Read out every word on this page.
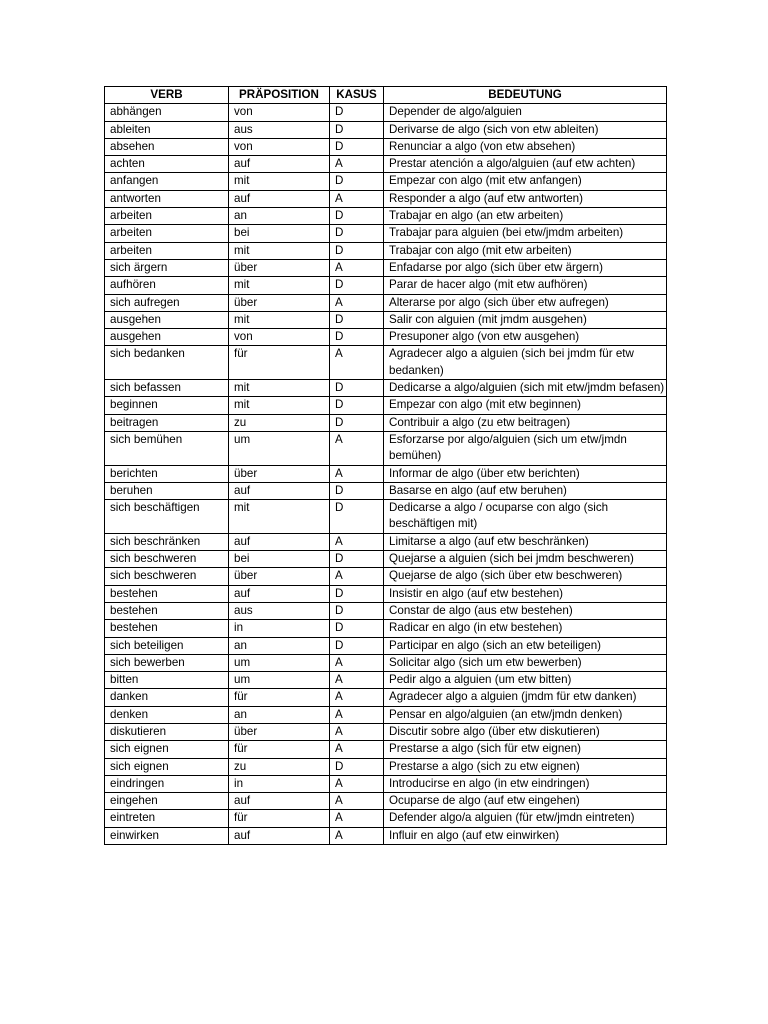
VERB	PRÄPOSITION	KASUS	BEDEUTUNG
abhängen	von	D	Depender de algo/alguien
ableiten	aus	D	Derivarse de algo (sich von etw ableiten)
absehen	von	D	Renunciar a algo (von etw absehen)
achten	auf	A	Prestar atención a algo/alguien (auf etw achten)
anfangen	mit	D	Empezar con algo (mit etw anfangen)
antworten	auf	A	Responder a algo (auf etw antworten)
arbeiten	an	D	Trabajar en algo (an etw arbeiten)
arbeiten	bei	D	Trabajar para alguien (bei etw/jmdm arbeiten)
arbeiten	mit	D	Trabajar con algo (mit etw arbeiten)
sich ärgern	über	A	Enfadarse por algo (sich über etw ärgern)
aufhören	mit	D	Parar de hacer algo (mit etw aufhören)
sich aufregen	über	A	Alterarse por algo (sich über etw aufregen)
ausgehen	mit	D	Salir con alguien (mit jmdm ausgehen)
ausgehen	von	D	Presuponer algo (von etw ausgehen)
sich bedanken	für	A	Agradecer algo a alguien (sich bei jmdm für etw bedanken)
sich befassen	mit	D	Dedicarse a algo/alguien (sich mit etw/jmdm befasen)
beginnen	mit	D	Empezar con algo (mit etw beginnen)
beitragen	zu	D	Contribuir a algo (zu etw beitragen)
sich bemühen	um	A	Esforzarse por algo/alguien (sich um etw/jmdn bemühen)
berichten	über	A	Informar de algo (über etw berichten)
beruhen	auf	D	Basarse en algo (auf etw beruhen)
sich beschäftigen	mit	D	Dedicarse a algo / ocuparse con algo (sich beschäftigen mit)
sich beschränken	auf	A	Limitarse a algo (auf etw beschränken)
sich beschweren	bei	D	Quejarse a alguien (sich bei jmdm beschweren)
sich beschweren	über	A	Quejarse de algo (sich über etw beschweren)
bestehen	auf	D	Insistir en algo (auf etw bestehen)
bestehen	aus	D	Constar de algo (aus etw bestehen)
bestehen	in	D	Radicar en algo (in etw bestehen)
sich beteiligen	an	D	Participar en algo (sich an etw beteiligen)
sich bewerben	um	A	Solicitar algo (sich um etw bewerben)
bitten	um	A	Pedir algo a alguien (um etw bitten)
danken	für	A	Agradecer algo a alguien (jmdm für etw danken)
denken	an	A	Pensar en algo/alguien (an etw/jmdn denken)
diskutieren	über	A	Discutir sobre algo (über etw diskutieren)
sich eignen	für	A	Prestarse a algo (sich für etw eignen)
sich eignen	zu	D	Prestarse a algo (sich zu etw eignen)
eindringen	in	A	Introducirse en algo (in etw eindringen)
eingehen	auf	A	Ocuparse de algo (auf etw eingehen)
eintreten	für	A	Defender algo/a alguien (für etw/jmdn eintreten)
einwirken	auf	A	Influir en algo (auf etw einwirken)
